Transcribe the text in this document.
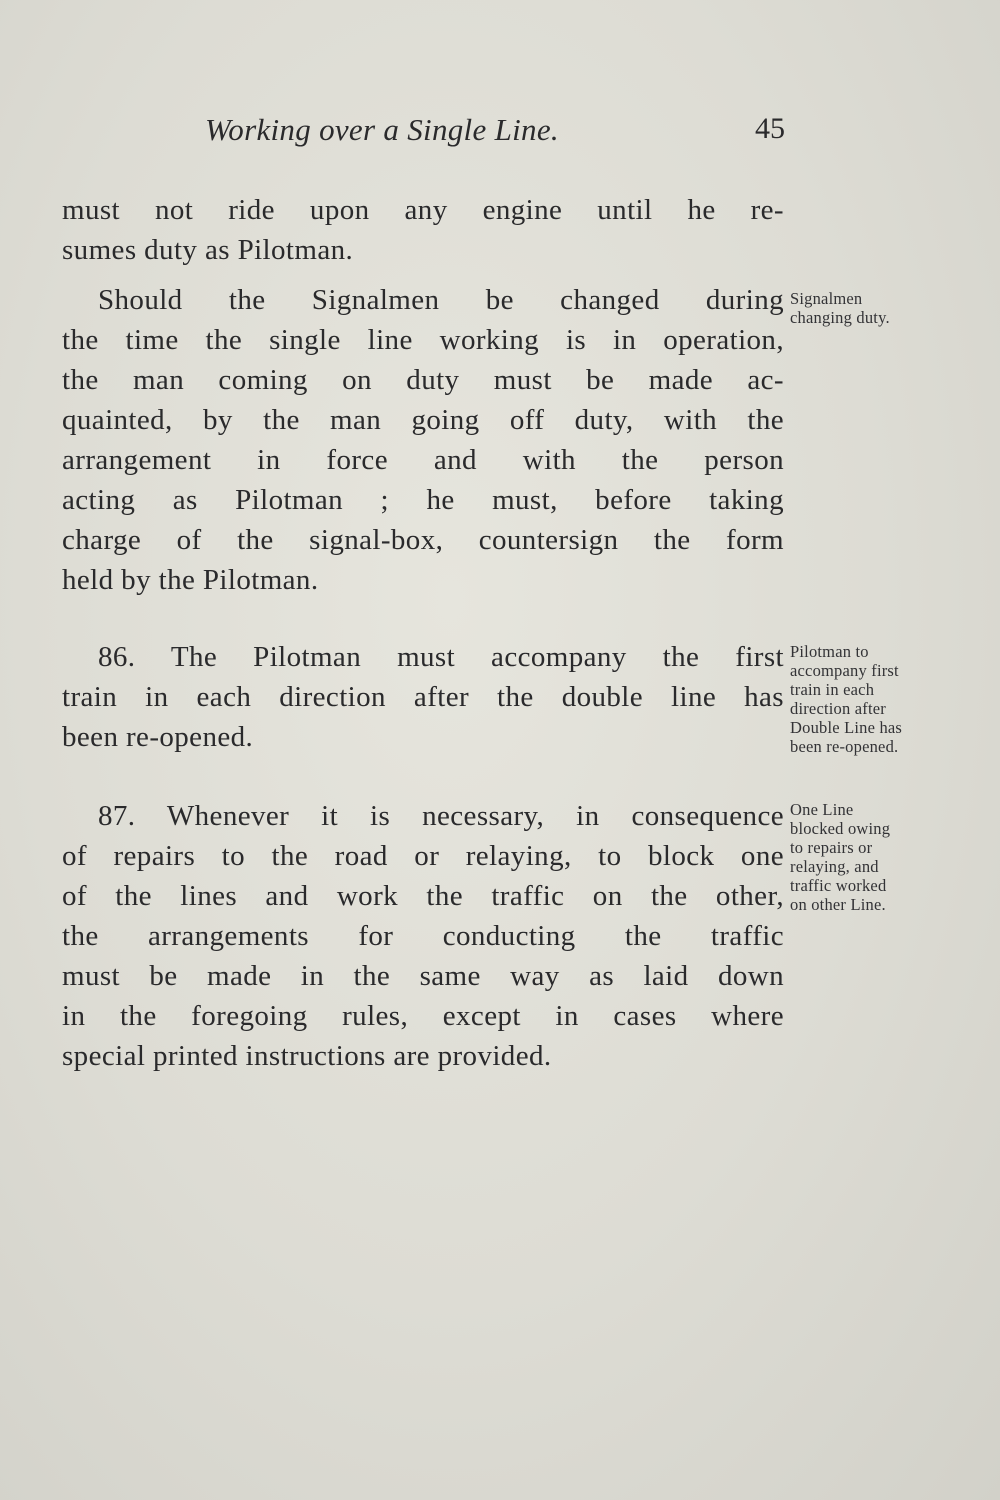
Working over a Single Line.	45
must not ride upon any engine until he re-
sumes duty as Pilotman.
Should the Signalmen be changed during
the time the single line working is in operation,
the man coming on duty must be made ac-
quainted, by the man going off duty, with the
arrangement in force and with the person
acting as Pilotman ; he must, before taking
charge of the signal-box, countersign the form
held by the Pilotman.
86. The Pilotman must accompany the first
train in each direction after the double line has
been re-opened.
87. Whenever it is necessary, in consequence
of repairs to the road or relaying, to block one
of the lines and work the traffic on the other,
the arrangements for conducting the traffic
must be made in the same way as laid down
in the foregoing rules, except in cases where
special printed instructions are provided.
Signalmen
changing duty.
Pilotman to
accompany first
train in each
direction after
Double Line has
been re-opened.
One Line
blocked owing
to repairs or
relaying, and
traffic worked
on other Line.
